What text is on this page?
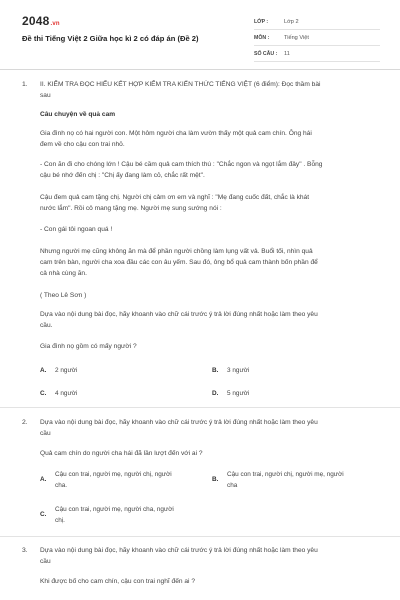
2048.vn
Đề thi Tiếng Việt 2 Giữa học kì 2 có đáp án (Đề 2)
LỚP :	Lớp 2
MÔN :	Tiếng Việt
SỐ CÂU :	11
1. II. KIỂM TRA ĐỌC HIỂU KẾT HỢP KIỂM TRA KIẾN THỨC TIẾNG VIỆT (6 điểm): Đọc thầm bài
sau
Câu chuyện về quả cam
Gia đình nọ có hai người con. Một hôm người cha làm vườn thấy một quả cam chín. Ông hái
đem về cho cậu con trai nhỏ.
- Con ăn đi cho chóng lớn ! Cậu bé cầm quả cam thích thú : "Chắc ngon và ngọt lắm đây" . Bỗng
cậu bé nhớ đến chị : "Chị ấy đang làm cỏ, chắc rất mệt".
Cậu đem quả cam tặng chị. Người chị cảm ơn em và nghĩ : "Mẹ đang cuốc đất, chắc là khát
nước lắm". Rồi cô mang tặng mẹ. Người mẹ sung sướng nói :
- Con gái tôi ngoan quá !
Nhưng người mẹ cũng không ăn mà để phần người chồng làm lụng vất vả. Buổi tối, nhìn quả
cam trên bàn, người cha xoa đầu các con âu yếm. Sau đó, ông bổ quả cam thành bốn phần để
cả nhà cùng ăn.
( Theo Lê Sơn )
Dựa vào nội dung bài đọc, hãy khoanh vào chữ cái trước ý trả lời đúng nhất hoặc làm theo yêu
cầu.
Gia đình nọ gồm có mấy người ?
A. 2 người	B. 3 người
C. 4 người	D. 5 người
2. Dựa vào nội dung bài đọc, hãy khoanh vào chữ cái trước ý trả lời đúng nhất hoặc làm theo yêu
cầu
Quả cam chín do người cha hái đã lần lượt đến với ai ?
A.
Cậu con trai, người mẹ, người chị, người
cha.
B.
Cậu con trai, người chị, người mẹ, người
cha
C.
Cậu con trai, người mẹ, người cha, người
chị.
3. Dựa vào nội dung bài đọc, hãy khoanh vào chữ cái trước ý trả lời đúng nhất hoặc làm theo yêu
cầu
Khi được bố cho cam chín, cậu con trai nghĩ đến ai ?
